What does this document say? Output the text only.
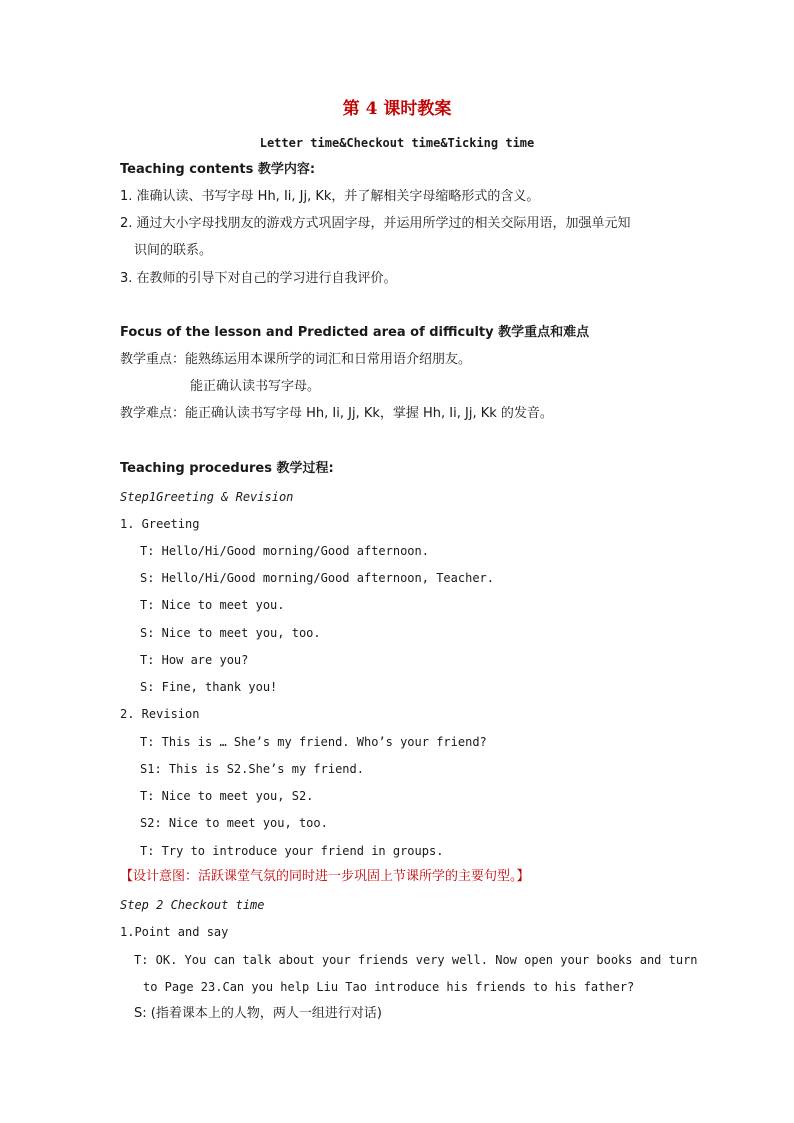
第 4 课时教案
Letter time&Checkout time&Ticking time
Teaching contents 教学内容:
1. 准确认读、书写字母 Hh, Ii, Jj, Kk，并了解相关字母缩略形式的含义。
2. 通过大小字母找朋友的游戏方式巩固字母，并运用所学过的相关交际用语，加强单元知
识间的联系。
3. 在教师的引导下对自己的学习进行自我评价。
Focus of the lesson and Predicted area of difficulty 教学重点和难点
教学重点：能熟练运用本课所学的词汇和日常用语介绍朋友。
能正确认读书写字母。
教学难点：能正确认读书写字母 Hh, Ii, Jj, Kk，掌握 Hh, Ii, Jj, Kk 的发音。
Teaching procedures 教学过程:
Step1Greeting & Revision
1. Greeting
T: Hello/Hi/Good morning/Good afternoon.
S: Hello/Hi/Good morning/Good afternoon, Teacher.
T: Nice to meet you.
S: Nice to meet you, too.
T: How are you?
S: Fine, thank you!
2. Revision
T: This is … She’s my friend. Who’s your friend?
S1: This is S2.She’s my friend.
T: Nice to meet you, S2.
S2: Nice to meet you, too.
T: Try to introduce your friend in groups.
【设计意图：活跃课堂气氛的同时进一步巩固上节课所学的主要句型。】
Step 2 Checkout time
1.Point and say
T: OK. You can talk about your friends very well. Now open your books and turn
to Page 23.Can you help Liu Tao introduce his friends to his father?
S: (指着课本上的人物，两人一组进行对话)
